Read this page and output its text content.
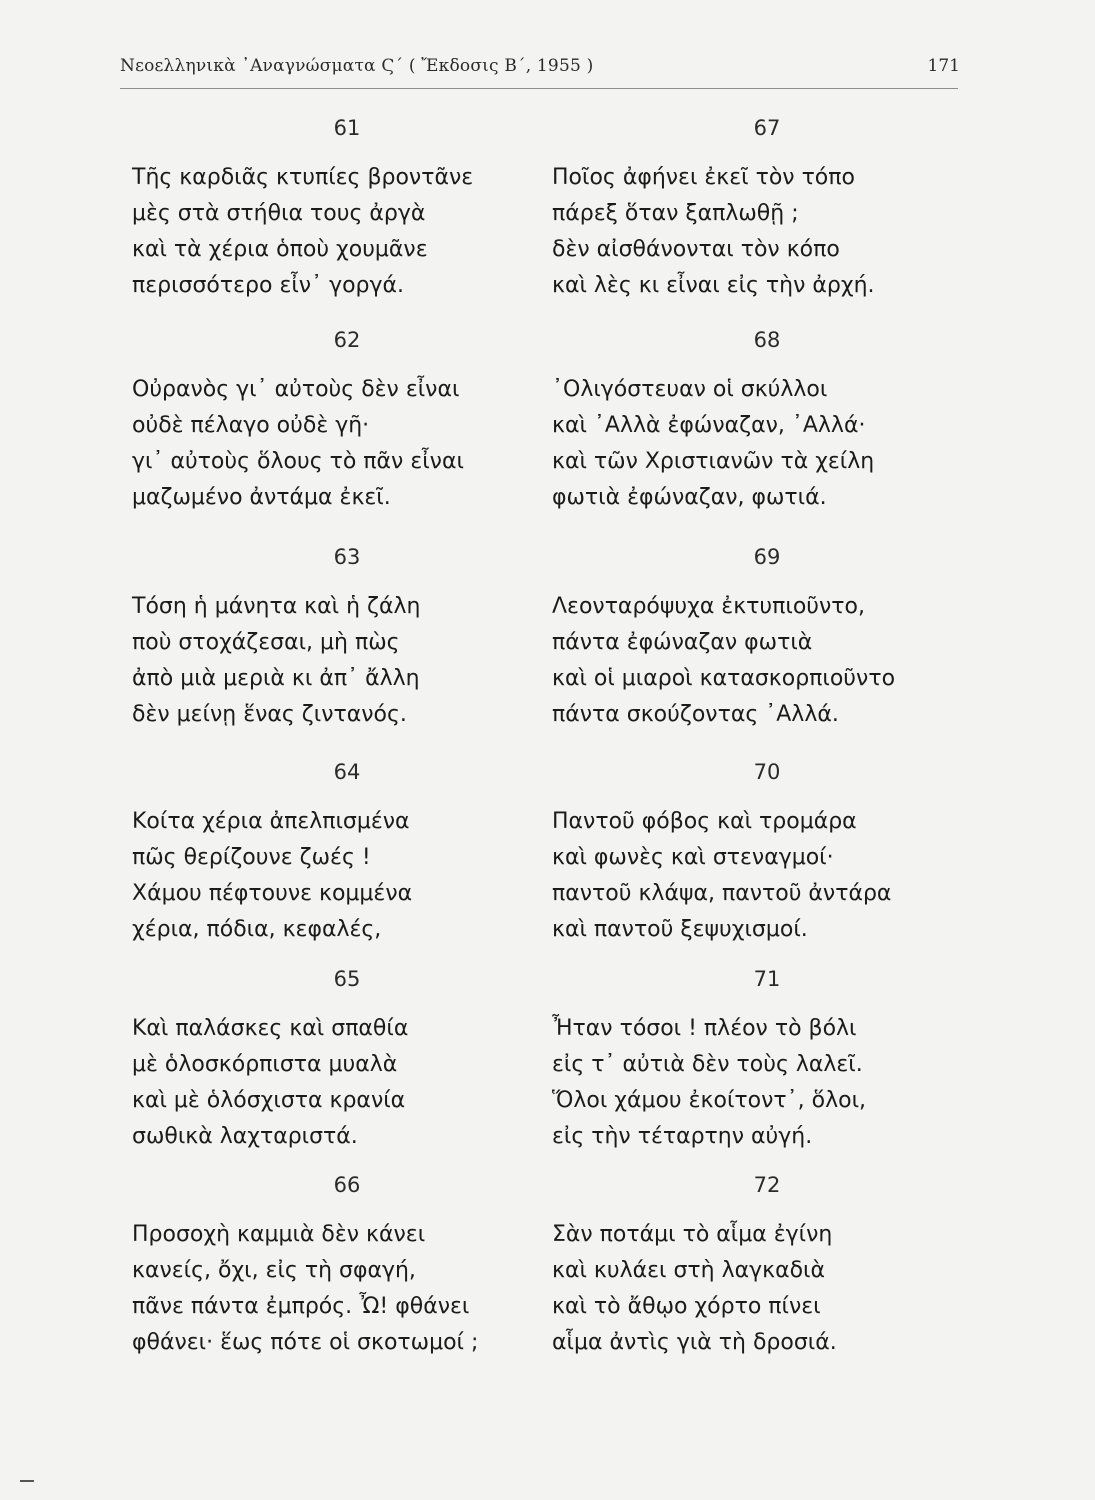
Νεοελληνικὰ ᾿Αναγνώσματα Ϛ΄ ( Ἔκδοσις Β΄, 1955 )	171
61
Τῆς καρδιᾶς κτυπίες βροντᾶνε
μὲς στὰ στήθια τους ἀργὰ
καὶ τὰ χέρια ὁποὺ χουμᾶνε
περισσότερο εἶν᾿ γοργά.
62
Οὐρανὸς γι᾿ αὐτοὺς δὲν εἶναι
οὐδὲ πέλαγο οὐδὲ γῆ·
γι᾿ αὐτοὺς ὅλους τὸ πᾶν εἶναι
μαζωμένο ἀντάμα ἐκεῖ.
63
Τόση ἡ μάνητα καὶ ἡ ζάλη
ποὺ στοχάζεσαι, μὴ πὼς
ἀπὸ μιὰ μεριὰ κι ἀπ᾿ ἄλλη
δὲν μείνῃ ἕνας ζιντανός.
64
Κοίτα χέρια ἀπελπισμένα
πῶς θερίζουνε ζωές !
Χάμου πέφτουνε κομμένα
χέρια, πόδια, κεφαλές,
65
Καὶ παλάσκες καὶ σπαθία
μὲ ὁλοσκόρπιστα μυαλὰ
καὶ μὲ ὁλόσχιστα κρανία
σωθικὰ λαχταριστά.
66
Προσοχὴ καμμιὰ δὲν κάνει
κανείς, ὄχι, εἰς τὴ σφαγή,
πᾶνε πάντα ἐμπρός. Ὦ! φθάνει
φθάνει· ἕως πότε οἱ σκοτωμοί ;
67
Ποῖος ἀφήνει ἐκεῖ τὸν τόπο
πάρεξ ὅταν ξαπλωθῇ ;
δὲν αἰσθάνονται τὸν κόπο
καὶ λὲς κι εἶναι εἰς τὴν ἀρχή.
68
᾿Ολιγόστευαν οἱ σκύλλοι
καὶ ᾿Αλλὰ ἐφώναζαν, ᾿Αλλά·
καὶ τῶν Χριστιανῶν τὰ χείλη
φωτιὰ ἐφώναζαν, φωτιά.
69
Λεονταρόψυχα ἐκτυπιοῦντο,
πάντα ἐφώναζαν φωτιὰ
καὶ οἱ μιαροὶ κατασκορπιοῦντο
πάντα σκούζοντας ᾿Αλλά.
70
Παντοῦ φόβος καὶ τρομάρα
καὶ φωνὲς καὶ στεναγμοί·
παντοῦ κλάψα, παντοῦ ἀντάρα
καὶ παντοῦ ξεψυχισμοί.
71
Ἦταν τόσοι ! πλέον τὸ βόλι
εἰς τ᾿ αὐτιὰ δὲν τοὺς λαλεῖ.
Ὅλοι χάμου ἐκοίτοντ᾿, ὅλοι,
εἰς τὴν τέταρτην αὐγή.
72
Σὰν ποτάμι τὸ αἷμα ἐγίνη
καὶ κυλάει στὴ λαγκαδιὰ
καὶ τὸ ἄθῳο χόρτο πίνει
αἷμα ἀντὶς γιὰ τὴ δροσιά.
